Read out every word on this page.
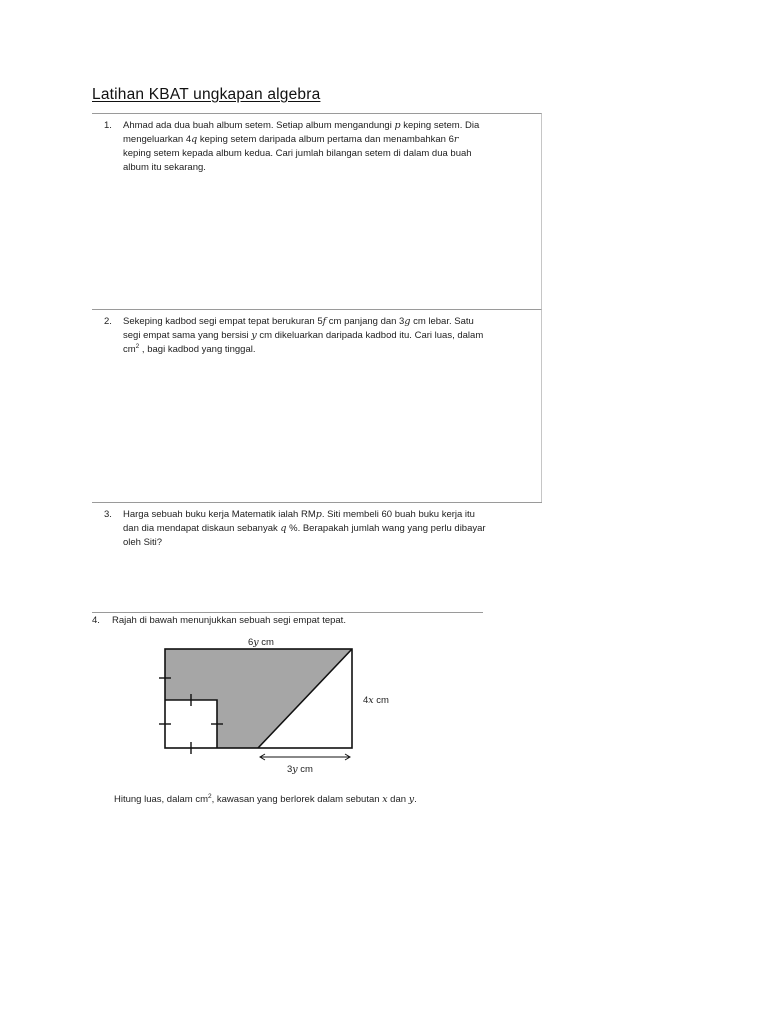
Latihan KBAT ungkapan algebra
1. Ahmad ada dua buah album setem. Setiap album mengandungi p keping setem. Dia
mengeluarkan 4q keping setem daripada album pertama dan menambahkan 6r
keping setem kepada album kedua. Cari jumlah bilangan setem di dalam dua buah
album itu sekarang.
2. Sekeping kadbod segi empat tepat berukuran 5f cm panjang dan 3g cm lebar. Satu
segi empat sama yang bersisi y cm dikeluarkan daripada kadbod itu. Cari luas, dalam
$cm^2$ , bagi kadbod yang tinggal.
3. Harga sebuah buku kerja Matematik ialah RMp. Siti membeli 60 buah buku kerja itu
dan dia mendapat diskaun sebanyak q %. Berapakah jumlah wang yang perlu dibayar
oleh Siti?
4. Rajah di bawah menunjukkan sebuah segi empat tepat.
6y cm
4x cm
3y cm
Hitung luas, dalam $cm^2$, kawasan yang berlorek dalam sebutan x dan y.
